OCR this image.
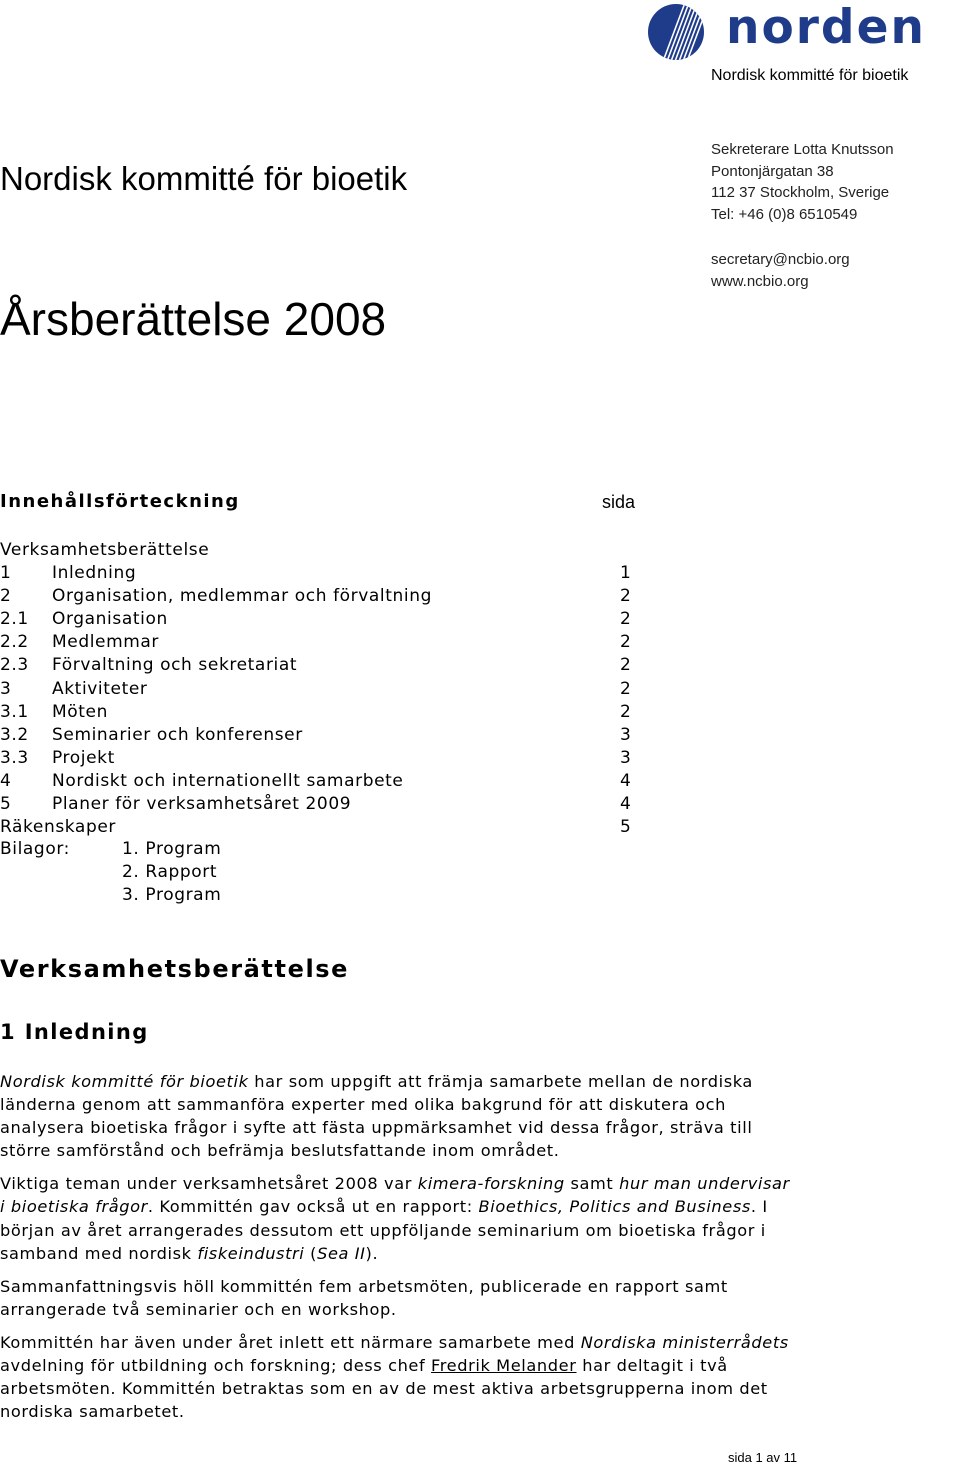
norden
Nordisk kommitté för bioetik
Sekreterare Lotta Knutsson
Pontonjärgatan 38
112 37 Stockholm, Sverige
Tel: +46 (0)8 6510549
secretary@ncbio.org
www.ncbio.org
Nordisk kommitté för bioetik
Årsberättelse 2008
Innehållsförteckning	sida
Verksamhetsberättelse
1 Inledning	1
2 Organisation, medlemmar och förvaltning	2
2.1 Organisation	2
2.2 Medlemmar	2
2.3 Förvaltning och sekretariat	2
3 Aktiviteter	2
3.1 Möten	2
3.2 Seminarier och konferenser	3
3.3 Projekt	3
4 Nordiskt och internationellt samarbete	4
5 Planer för verksamhetsåret 2009	4
Räkenskaper	5
Bilagor:	1. Program
2. Rapport
3. Program
Verksamhetsberättelse
1 Inledning

Nordisk kommitté för bioetik har som uppgift att främja samarbete mellan de nordiska
länderna genom att sammanföra experter med olika bakgrund för att diskutera och
analysera bioetiska frågor i syfte att fästa uppmärksamhet vid dessa frågor, sträva till
större samförstånd och befrämja beslutsfattande inom området.

Viktiga teman under verksamhetsåret 2008 var kimera-forskning samt hur man undervisar
i bioetiska frågor. Kommittén gav också ut en rapport: Bioethics, Politics and Business. I
början av året arrangerades dessutom ett uppföljande seminarium om bioetiska frågor i
samband med nordisk fiskeindustri (Sea II).

Sammanfattningsvis höll kommittén fem arbetsmöten, publicerade en rapport samt
arrangerade två seminarier och en workshop.

Kommittén har även under året inlett ett närmare samarbete med Nordiska ministerrådets
avdelning för utbildning och forskning; dess chef Fredrik Melander har deltagit i två
arbetsmöten. Kommittén betraktas som en av de mest aktiva arbetsgrupperna inom det
nordiska samarbetet.

sida 1 av 11
